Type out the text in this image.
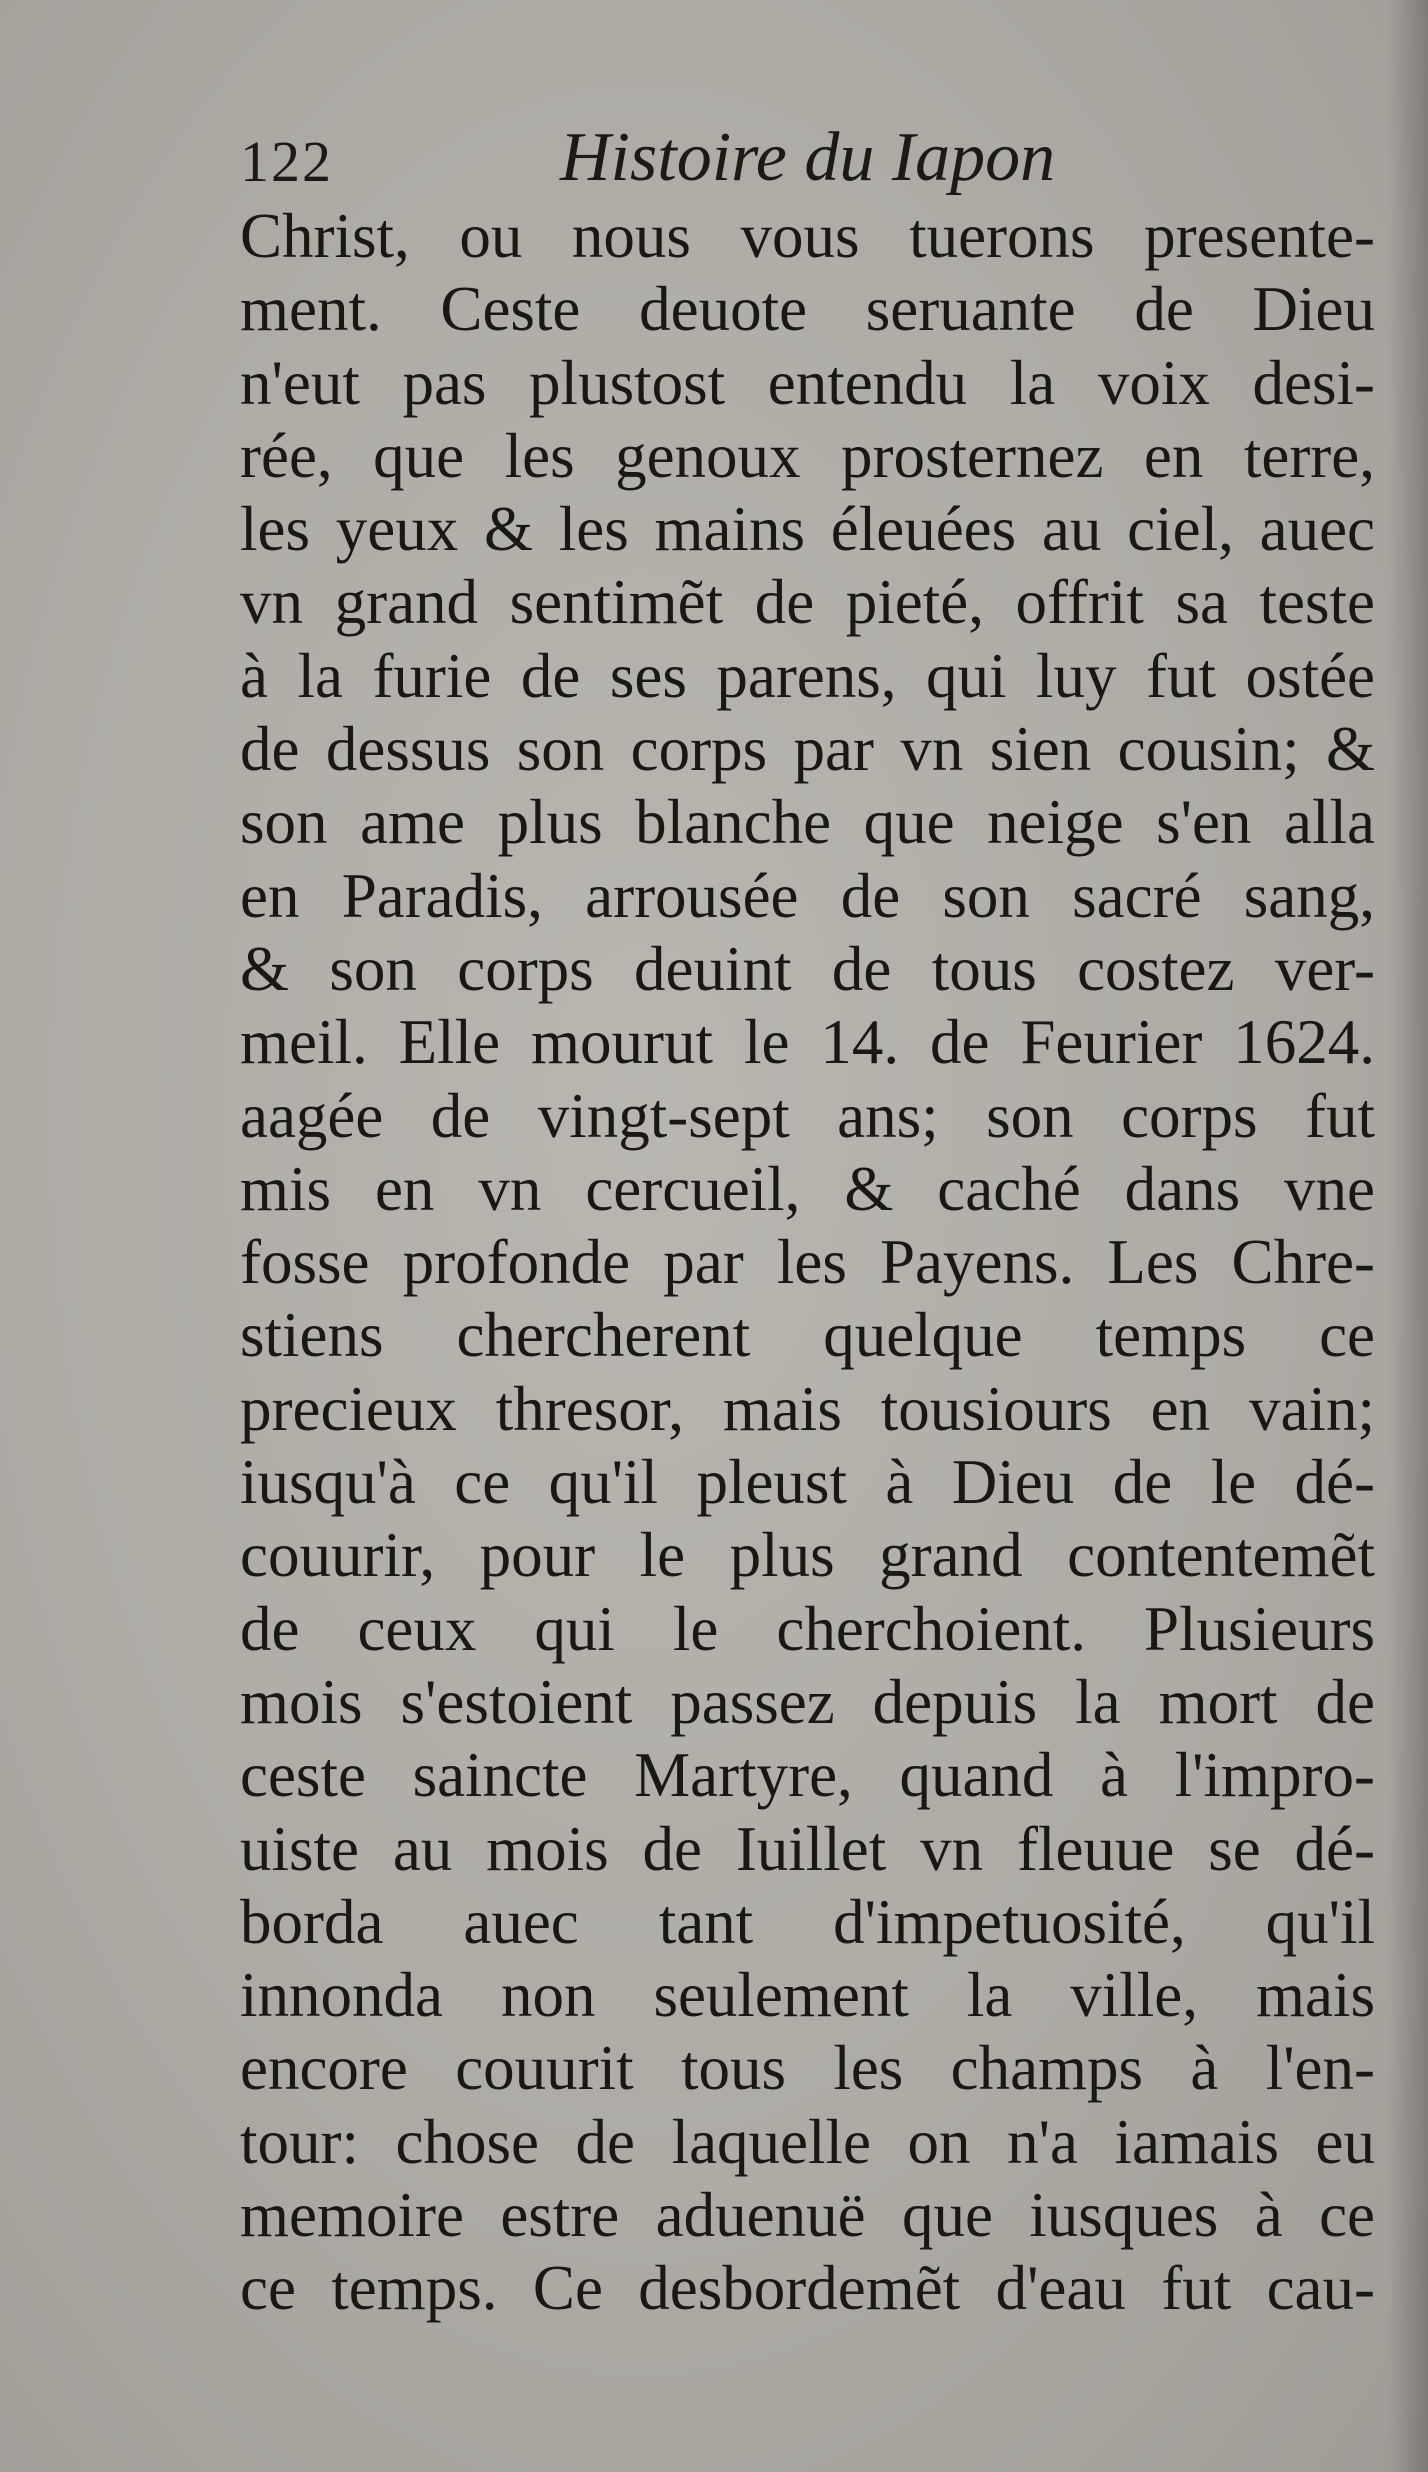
122	Histoire du Iapon
Christ, ou nous vous tuerons presente-
ment. Ceste deuote seruante de Dieu
n'eut pas plustost entendu la voix desi-
rée, que les genoux prosternez en terre,
les yeux & les mains éleuées au ciel, auec
vn grand sentimẽt de pieté, offrit sa teste
à la furie de ses parens, qui luy fut ostée
de dessus son corps par vn sien cousin; &
son ame plus blanche que neige s'en alla
en Paradis, arrousée de son sacré sang,
& son corps deuint de tous costez ver-
meil. Elle mourut le 14. de Feurier 1624.
aagée de vingt-sept ans; son corps fut
mis en vn cercueil, & caché dans vne
fosse profonde par les Payens. Les Chre-
stiens chercherent quelque temps ce
precieux thresor, mais tousiours en vain;
iusqu'à ce qu'il pleust à Dieu de le dé-
couurir, pour le plus grand contentemẽt
de ceux qui le cherchoient. Plusieurs
mois s'estoient passez depuis la mort de
ceste saincte Martyre, quand à l'impro-
uiste au mois de Iuillet vn fleuue se dé-
borda auec tant d'impetuosité, qu'il
innonda non seulement la ville, mais
encore couurit tous les champs à l'en-
tour: chose de laquelle on n'a iamais eu
memoire estre aduenuë que iusques à ce
ce temps. Ce desbordemẽt d'eau fut cau-
